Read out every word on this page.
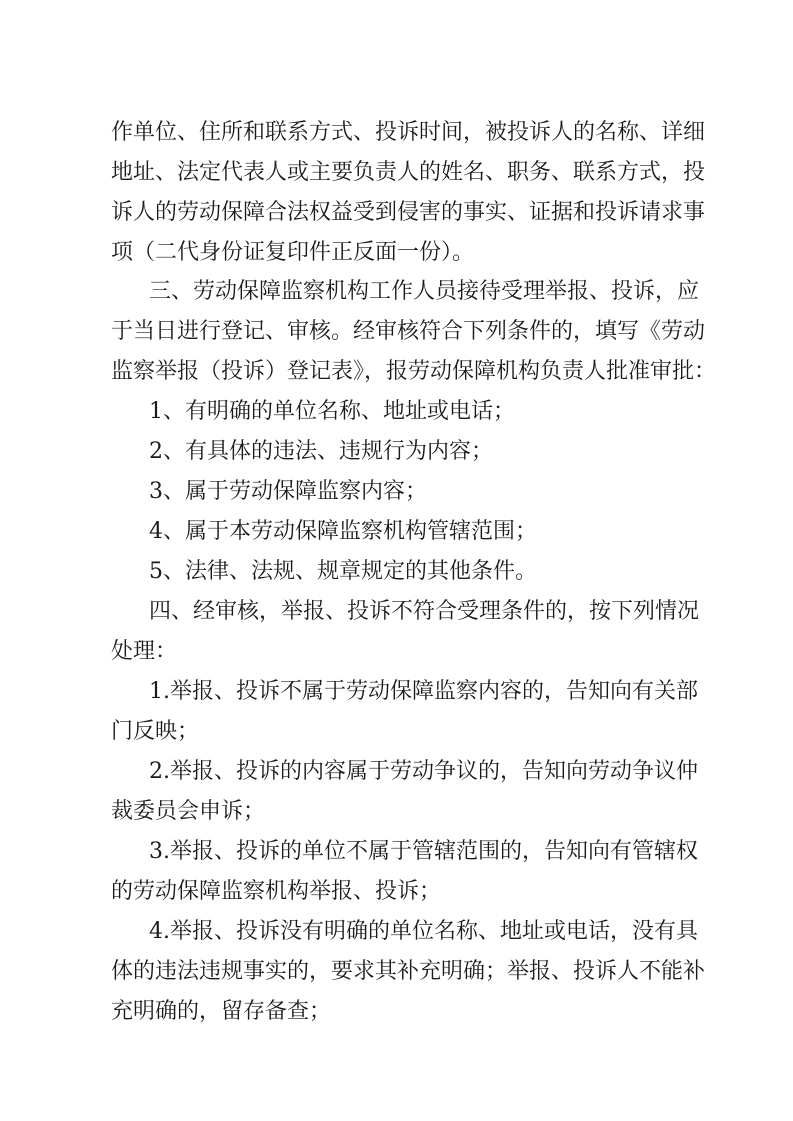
作单位、住所和联系方式、投诉时间，被投诉人的名称、详细
地址、法定代表人或主要负责人的姓名、职务、联系方式，投
诉人的劳动保障合法权益受到侵害的事实、证据和投诉请求事
项（二代身份证复印件正反面一份）。
三、劳动保障监察机构工作人员接待受理举报、投诉，应
于当日进行登记、审核。经审核符合下列条件的，填写《劳动
监察举报（投诉）登记表》，报劳动保障机构负责人批准审批：
1、有明确的单位名称、地址或电话；
2、有具体的违法、违规行为内容；
3、属于劳动保障监察内容；
4、属于本劳动保障监察机构管辖范围；
5、法律、法规、规章规定的其他条件。
四、经审核，举报、投诉不符合受理条件的，按下列情况
处理：
1.举报、投诉不属于劳动保障监察内容的，告知向有关部
门反映；
2.举报、投诉的内容属于劳动争议的，告知向劳动争议仲
裁委员会申诉；
3.举报、投诉的单位不属于管辖范围的，告知向有管辖权
的劳动保障监察机构举报、投诉；
4.举报、投诉没有明确的单位名称、地址或电话，没有具
体的违法违规事实的，要求其补充明确；举报、投诉人不能补
充明确的，留存备查；
